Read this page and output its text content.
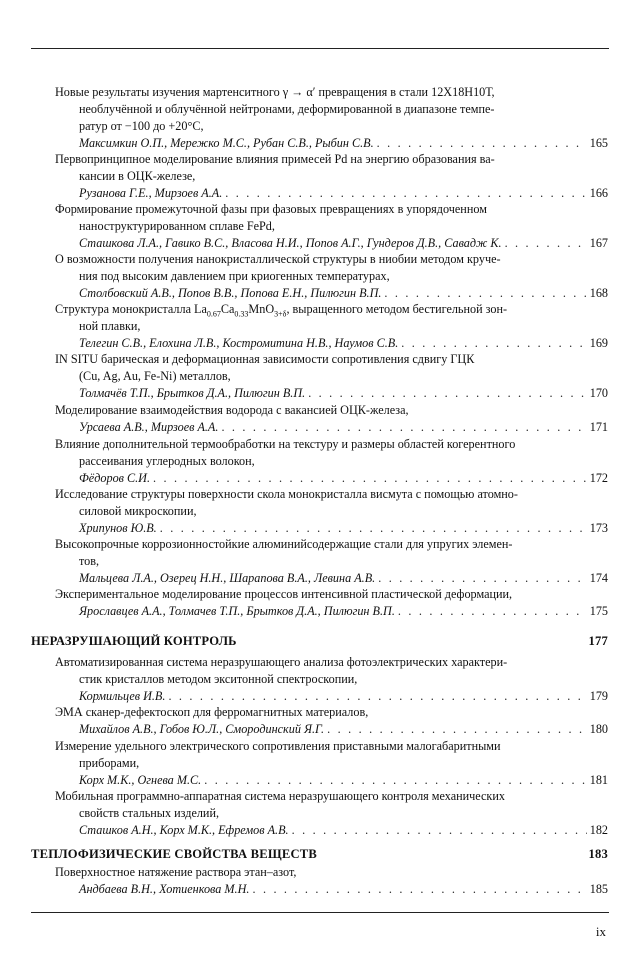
Новые результаты изучения мартенситного γ → α′ превращения в стали 12Х18Н10Т,
необлучённой и облучённой нейтронами, деформированной в диапазоне темпе-
ратур от −100 до +20°С,
Максимкин О.П., Мережко М.С., Рубан С.В., Рыбин С.В. . . .	165
Первопринципное моделирование влияния примесей Pd на энергию образования ва-
кансии в ОЦК-железе,
Рузанова Г.Е., Мирзоев А.А. . . .	166
Формирование промежуточной фазы при фазовых превращениях в упорядоченном
наноструктурированном сплаве FePd,
Сташкова Л.А., Гавико В.С., Власова Н.И., Попов А.Г., Гундеров Д.В., Савадж К. . . .	167
О возможности получения нанокристаллической структуры в ниобии методом круче-
ния под высоким давлением при криогенных температурах,
Столбовский А.В., Попов В.В., Попова Е.Н., Пилюгин В.П. . . .	168
Структура монокристалла $La_{0.67}Ca_{0.33}MnO_{3+\delta}$, выращенного методом бестигельной зон-
ной плавки,
Телегин С.В., Елохина Л.В., Костромитина Н.В., Наумов С.В. . . .	169
IN SITU барическая и деформационная зависимости сопротивления сдвигу ГЦК
(Cu, Ag, Au, Fe-Ni) металлов,
Толмачёв Т.П., Брытков Д.А., Пилюгин В.П. . . .	170
Моделирование взаимодействия водорода с вакансией ОЦК-железа,
Урсаева А.В., Мирзоев А.А. . . .	171
Влияние дополнительной термообработки на текстуру и размеры областей когерентного
рассеивания углеродных волокон,
Фёдоров С.И. . . .	172
Исследование структуры поверхности скола монокристалла висмута с помощью атомно-
силовой микроскопии,
Хрипунов Ю.В. . . .	173
Высокопрочные коррозионностойкие алюминийсодержащие стали для упругих элемен-
тов,
Мальцева Л.А., Озерец Н.Н., Шарапова В.А., Левина А.В. . . .	174
Экспериментальное моделирование процессов интенсивной пластической деформации,
Ярославцев А.А., Толмачев Т.П., Брытков Д.А., Пилюгин В.П. . . .	175
НЕРАЗРУШАЮЩИЙ КОНТРОЛЬ	177
Автоматизированная система неразрушающего анализа фотоэлектрических характери-
стик кристаллов методом экситонной спектроскопии,
Кормильцев И.В. . . .	179
ЭМА сканер-дефектоскоп для ферромагнитных материалов,
Михайлов А.В., Гобов Ю.Л., Смородинский Я.Г. . . .	180
Измерение удельного электрического сопротивления приставными малогабаритными
приборами,
Корх М.К., Огнева М.С. . . .	181
Мобильная программно-аппаратная система неразрушающего контроля механических
свойств стальных изделий,
Сташков А.Н., Корх М.К., Ефремов А.В. . . .	182
ТЕПЛОФИЗИЧЕСКИЕ СВОЙСТВА ВЕЩЕСТВ	183
Поверхностное натяжение раствора этан–азот,
Андбаева В.Н., Хотиенкова М.Н. . . .	185
ix
